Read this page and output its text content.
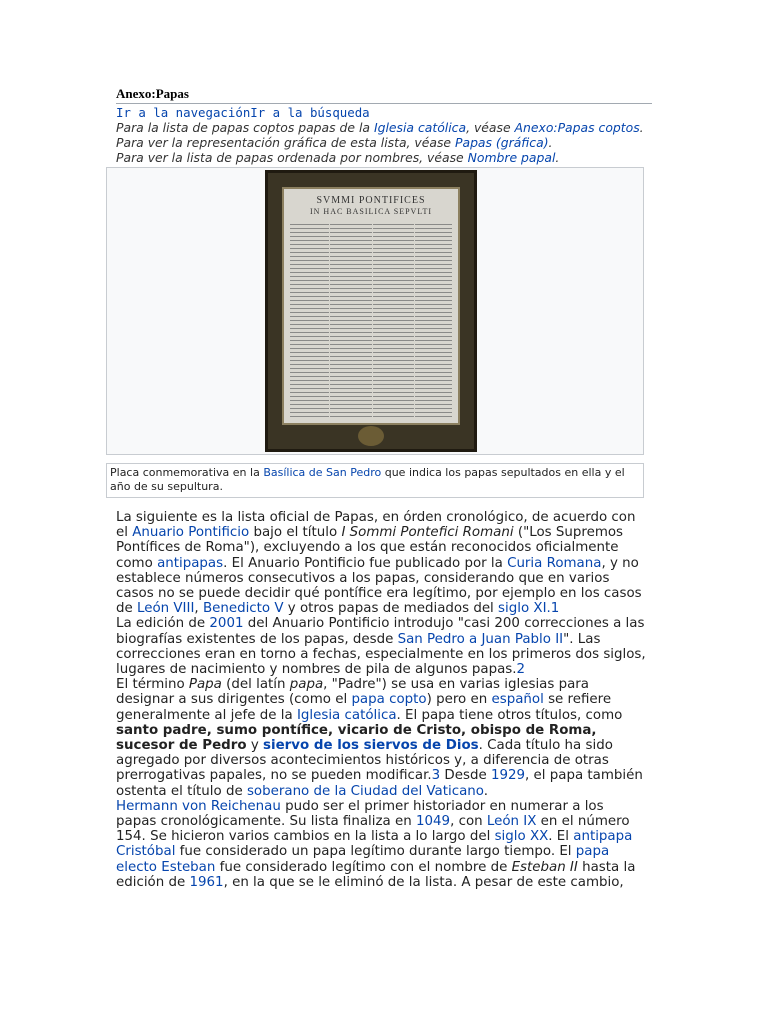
Anexo:Papas
Ir a la navegaciónIr a la búsqueda
Para la lista de papas coptos papas de la Iglesia católica, véase Anexo:Papas coptos.
Para ver la representación gráfica de esta lista, véase Papas (gráfica).
Para ver la lista de papas ordenada por nombres, véase Nombre papal.
SVMMI PONTIFICES
IN HAC BASILICA SEPVLTI
Placa conmemorativa en la Basílica de San Pedro que indica los papas sepultados en ella y el año de su sepultura.
La siguiente es la lista oficial de Papas, en órden cronológico, de acuerdo con el Anuario Pontificio bajo el título I Sommi Pontefici Romani ("Los Supremos Pontífices de Roma"), excluyendo a los que están reconocidos oficialmente como antipapas. El Anuario Pontificio fue publicado por la Curia Romana, y no establece números consecutivos a los papas, considerando que en varios casos no se puede decidir qué pontífice era legítimo, por ejemplo en los casos de León VIII, Benedicto V y otros papas de mediados del siglo XI.1
La edición de 2001 del Anuario Pontificio introdujo "casi 200 correcciones a las biografías existentes de los papas, desde San Pedro a Juan Pablo II". Las correcciones eran en torno a fechas, especialmente en los primeros dos siglos, lugares de nacimiento y nombres de pila de algunos papas.2
El término Papa (del latín papa, "Padre") se usa en varias iglesias para designar a sus dirigentes (como el papa copto) pero en español se refiere generalmente al jefe de la Iglesia católica. El papa tiene otros títulos, como santo padre, sumo pontífice, vicario de Cristo, obispo de Roma, sucesor de Pedro y siervo de los siervos de Dios. Cada título ha sido agregado por diversos acontecimientos históricos y, a diferencia de otras prerrogativas papales, no se pueden modificar.3 Desde 1929, el papa también ostenta el título de soberano de la Ciudad del Vaticano.
Hermann von Reichenau pudo ser el primer historiador en numerar a los papas cronológicamente. Su lista finaliza en 1049, con León IX en el número 154. Se hicieron varios cambios en la lista a lo largo del siglo XX. El antipapa Cristóbal fue considerado un papa legítimo durante largo tiempo. El papa electo Esteban fue considerado legítimo con el nombre de Esteban II hasta la edición de 1961, en la que se le eliminó de la lista. A pesar de este cambio,
